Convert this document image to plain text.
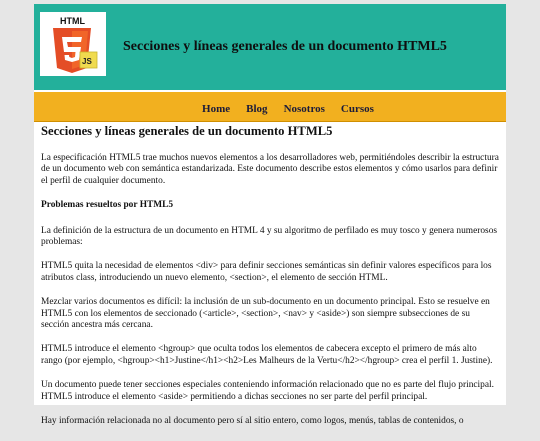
HTML
JS
Secciones y líneas generales de un documento HTML5
Home Blog Nosotros Cursos
Secciones y líneas generales de un documento HTML5

La especificación HTML5 trae muchos nuevos elementos a los desarrolladores web, permitiéndoles describir la estructura de un documento web con semántica estandarizada. Este documento describe estos elementos y cómo usarlos para definir el perfil de cualquier documento.

Problemas resueltos por HTML5

La definición de la estructura de un documento en HTML 4 y su algoritmo de perfilado es muy tosco y genera numerosos problemas:

HTML5 quita la necesidad de elementos <div> para definir secciones semánticas sin definir valores específicos para los atributos class, introduciendo un nuevo elemento, <section>, el elemento de sección HTML.

Mezclar varios documentos es difícil: la inclusión de un sub-documento en un documento principal. Esto se resuelve en HTML5 con los elementos de seccionado (<article>, <section>, <nav> y <aside>) son siempre subsecciones de su sección ancestra más cercana.

HTML5 introduce el elemento <hgroup> que oculta todos los elementos de cabecera excepto el primero de más alto rango (por ejemplo, <hgroup><h1>Justine</h1><h2>Les Malheurs de la Vertu</h2></hgroup> crea el perfil 1. Justine).

Un documento puede tener secciones especiales conteniendo información relacionado que no es parte del flujo principal. HTML5 introduce el elemento <aside> permitiendo a dichas secciones no ser parte del perfil principal.

Hay información relacionada no al documento pero sí al sitio entero, como logos, menús, tablas de contenidos, o
